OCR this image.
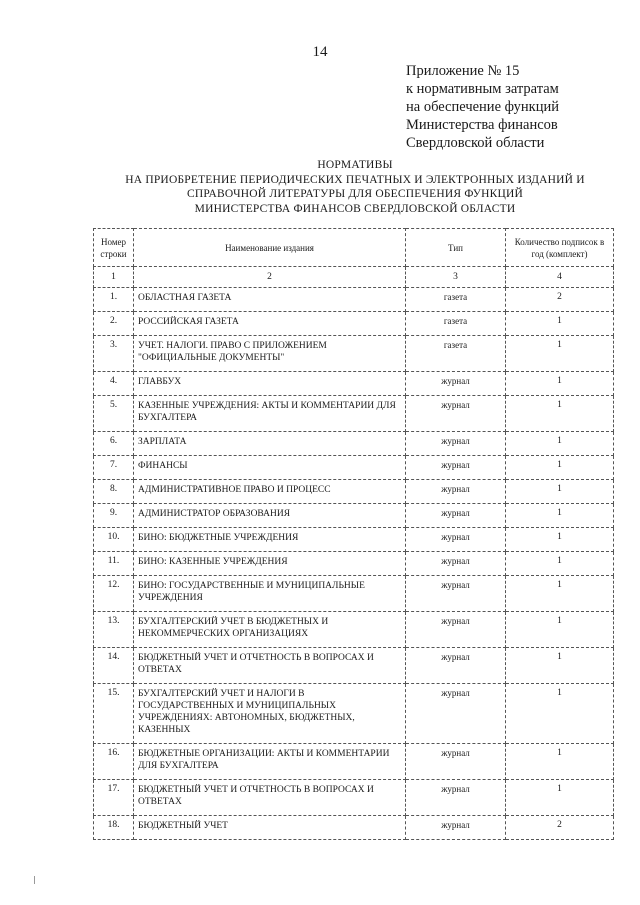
14
Приложение № 15
к нормативным затратам
на обеспечение функций
Министерства финансов
Свердловской области
НОРМАТИВЫ
НА ПРИОБРЕТЕНИЕ ПЕРИОДИЧЕСКИХ ПЕЧАТНЫХ И ЭЛЕКТРОННЫХ ИЗДАНИЙ И
СПРАВОЧНОЙ ЛИТЕРАТУРЫ ДЛЯ ОБЕСПЕЧЕНИЯ ФУНКЦИЙ
МИНИСТЕРСТВА ФИНАНСОВ СВЕРДЛОВСКОЙ ОБЛАСТИ
Номер строки	Наименование издания	Тип	Количество подписок в год (комплект)
1	2	3	4
1.	ОБЛАСТНАЯ ГАЗЕТА	газета	2
2.	РОССИЙСКАЯ ГАЗЕТА	газета	1
3.	УЧЕТ. НАЛОГИ. ПРАВО С ПРИЛОЖЕНИЕМ "ОФИЦИАЛЬНЫЕ ДОКУМЕНТЫ"	газета	1
4.	ГЛАВБУХ	журнал	1
5.	КАЗЕННЫЕ УЧРЕЖДЕНИЯ: АКТЫ И КОММЕНТАРИИ ДЛЯ БУХГАЛТЕРА	журнал	1
6.	ЗАРПЛАТА	журнал	1
7.	ФИНАНСЫ	журнал	1
8.	АДМИНИСТРАТИВНОЕ ПРАВО И ПРОЦЕСС	журнал	1
9.	АДМИНИСТРАТОР ОБРАЗОВАНИЯ	журнал	1
10.	БИНО: БЮДЖЕТНЫЕ УЧРЕЖДЕНИЯ	журнал	1
11.	БИНО: КАЗЕННЫЕ УЧРЕЖДЕНИЯ	журнал	1
12.	БИНО: ГОСУДАРСТВЕННЫЕ И МУНИЦИПАЛЬНЫЕ УЧРЕЖДЕНИЯ	журнал	1
13.	БУХГАЛТЕРСКИЙ УЧЕТ В БЮДЖЕТНЫХ И НЕКОММЕРЧЕСКИХ ОРГАНИЗАЦИЯХ	журнал	1
14.	БЮДЖЕТНЫЙ УЧЕТ И ОТЧЕТНОСТЬ В ВОПРОСАХ И ОТВЕТАХ	журнал	1
15.	БУХГАЛТЕРСКИЙ УЧЕТ И НАЛОГИ В ГОСУДАРСТВЕННЫХ И МУНИЦИПАЛЬНЫХ УЧРЕЖДЕНИЯХ: АВТОНОМНЫХ, БЮДЖЕТНЫХ, КАЗЕННЫХ	журнал	1
16.	БЮДЖЕТНЫЕ ОРГАНИЗАЦИИ: АКТЫ И КОММЕНТАРИИ ДЛЯ БУХГАЛТЕРА	журнал	1
17.	БЮДЖЕТНЫЙ УЧЕТ И ОТЧЕТНОСТЬ В ВОПРОСАХ И ОТВЕТАХ	журнал	1
18.	БЮДЖЕТНЫЙ УЧЕТ	журнал	2
